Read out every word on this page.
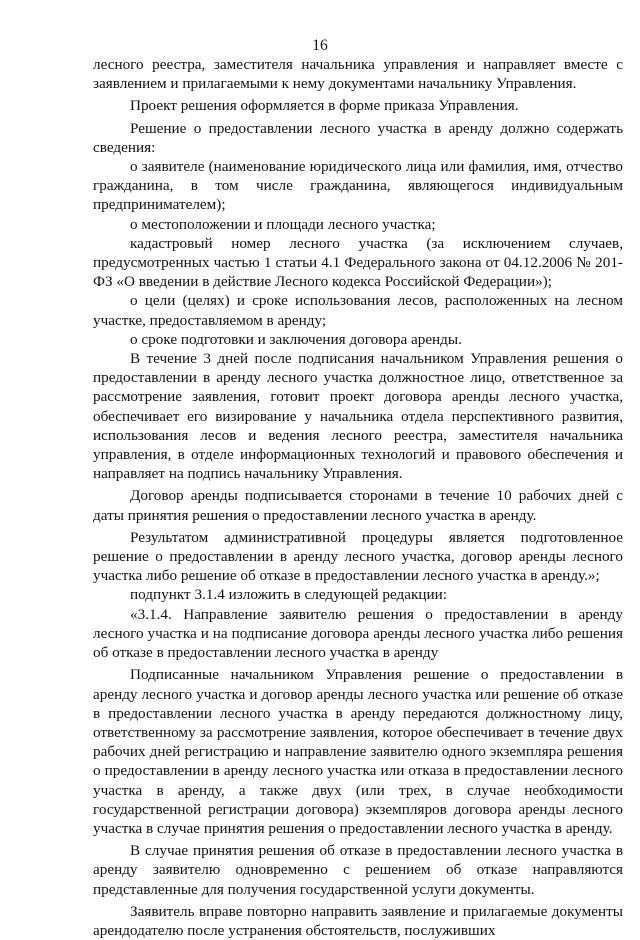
16

лесного реестра, заместителя начальника управления и направляет вместе с заявлением и прилагаемыми к нему документами начальнику Управления.

Проект решения оформляется в форме приказа Управления.

Решение о предоставлении лесного участка в аренду должно содержать сведения:

о заявителе (наименование юридического лица или фамилия, имя, отчество гражданина, в том числе гражданина, являющегося индивидуальным предпринимателем);

о местоположении и площади лесного участка;

кадастровый номер лесного участка (за исключением случаев, предусмотренных частью 1 статьи 4.1 Федерального закона от 04.12.2006 № 201-ФЗ «О введении в действие Лесного кодекса Российской Федерации»);

о цели (целях) и сроке использования лесов, расположенных на лесном участке, предоставляемом в аренду;

о сроке подготовки и заключения договора аренды.

В течение 3 дней после подписания начальником Управления решения о предоставлении в аренду лесного участка должностное лицо, ответственное за рассмотрение заявления, готовит проект договора аренды лесного участка, обеспечивает его визирование у начальника отдела перспективного развития, использования лесов и ведения лесного реестра, заместителя начальника управления, в отделе информационных технологий и правового обеспечения и направляет на подпись начальнику Управления.

Договор аренды подписывается сторонами в течение 10 рабочих дней с даты принятия решения о предоставлении лесного участка в аренду.

Результатом административной процедуры является подготовленное решение о предоставлении в аренду лесного участка, договор аренды лесного участка либо решение об отказе в предоставлении лесного участка в аренду.»;

подпункт 3.1.4 изложить в следующей редакции:

«3.1.4. Направление заявителю решения о предоставлении в аренду лесного участка и на подписание договора аренды лесного участка либо решения об отказе в предоставлении лесного участка в аренду

Подписанные начальником Управления решение о предоставлении в аренду лесного участка и договор аренды лесного участка или решение об отказе в предоставлении лесного участка в аренду передаются должностному лицу, ответственному за рассмотрение заявления, которое обеспечивает в течение двух рабочих дней регистрацию и направление заявителю одного экземпляра решения о предоставлении в аренду лесного участка или отказа в предоставлении лесного участка в аренду, а также двух (или трех, в случае необходимости государственной регистрации договора) экземпляров договора аренды лесного участка в случае принятия решения о предоставлении лесного участка в аренду.

В случае принятия решения об отказе в предоставлении лесного участка в аренду заявителю одновременно с решением об отказе направляются представленные для получения государственной услуги документы.

Заявитель вправе повторно направить заявление и прилагаемые документы арендодателю после устранения обстоятельств, послуживших
